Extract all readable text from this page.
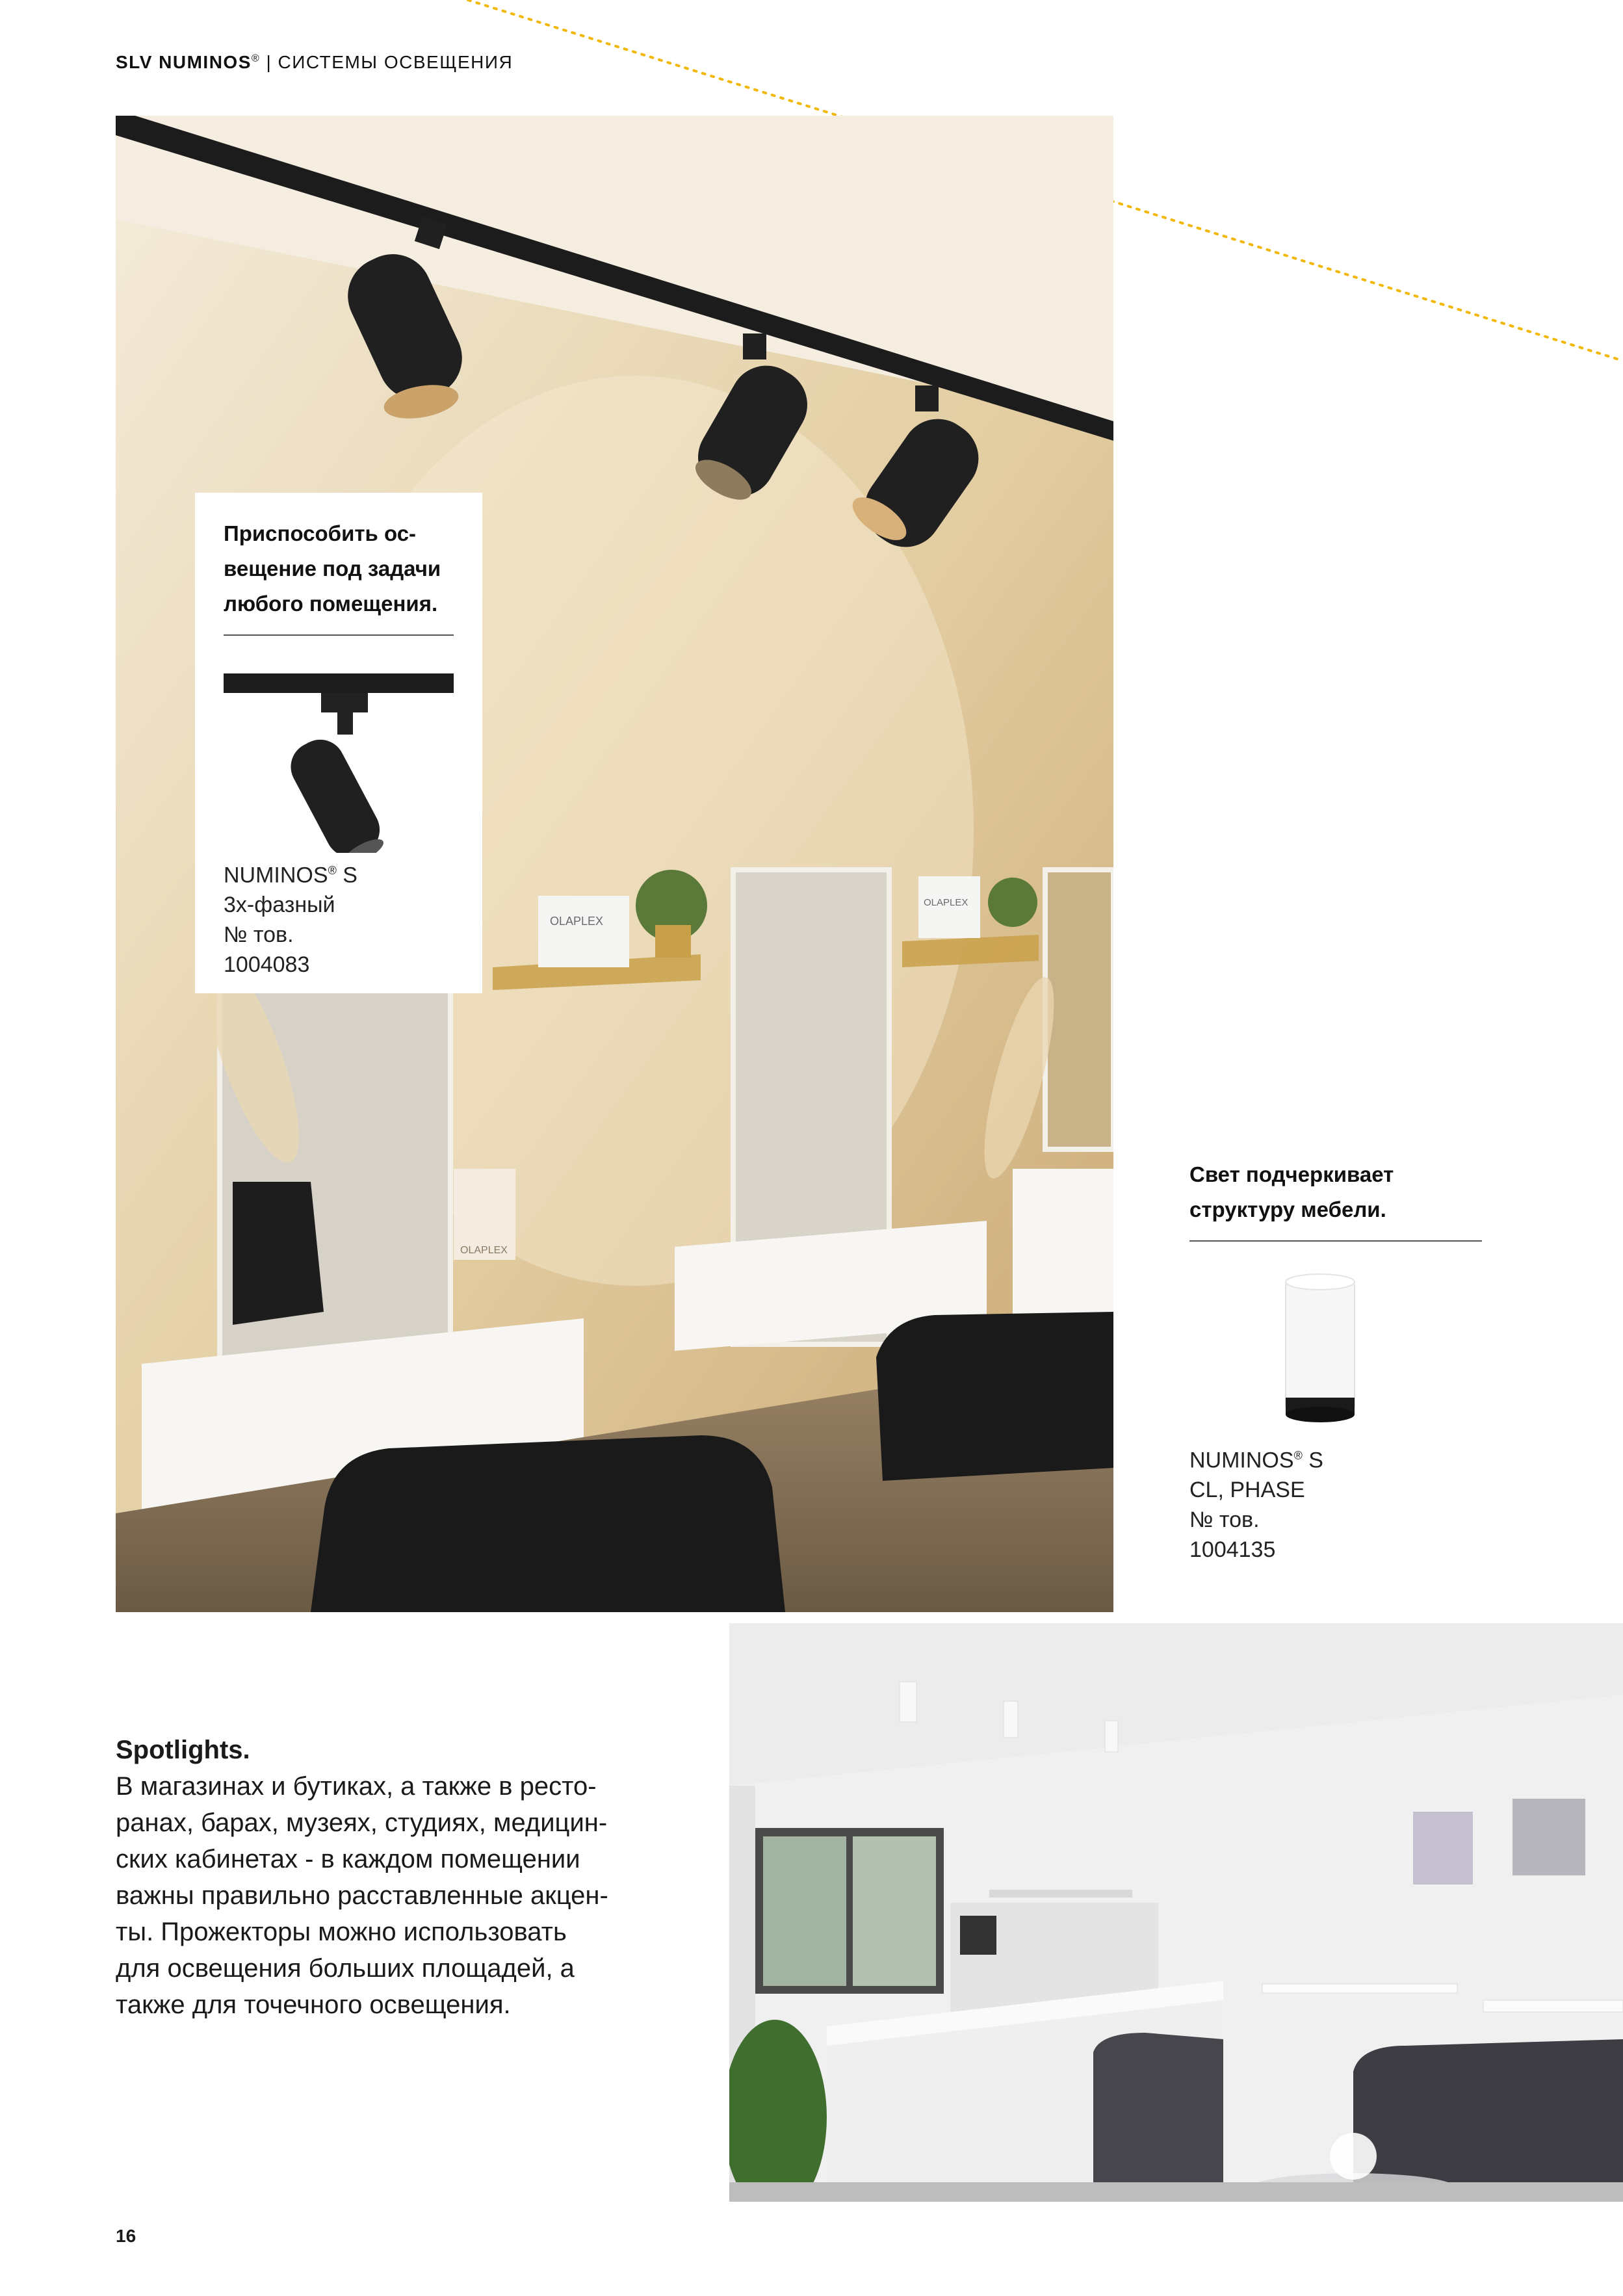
SLV NUMINOS® | СИСТЕМЫ ОСВЕЩЕНИЯ
OLAPLEX
OLAPLEX
OLAPLEX
Приспособить ос-
вещение под задачи
любого помещения.
NUMINOS® S
3x-фазный
№ тов.
1004083
Свет подчеркивает
структуру мебели.
NUMINOS® S
CL, PHASE
№ тов.
1004135
Spotlights.
В магазинах и бутиках, а также в ресто-
ранах, барах, музеях, студиях, медицин-
ских кабинетах - в каждом помещении
важны правильно расставленные акцен-
ты. Прожекторы можно использовать
для освещения больших площадей, а
также для точечного освещения.
16
